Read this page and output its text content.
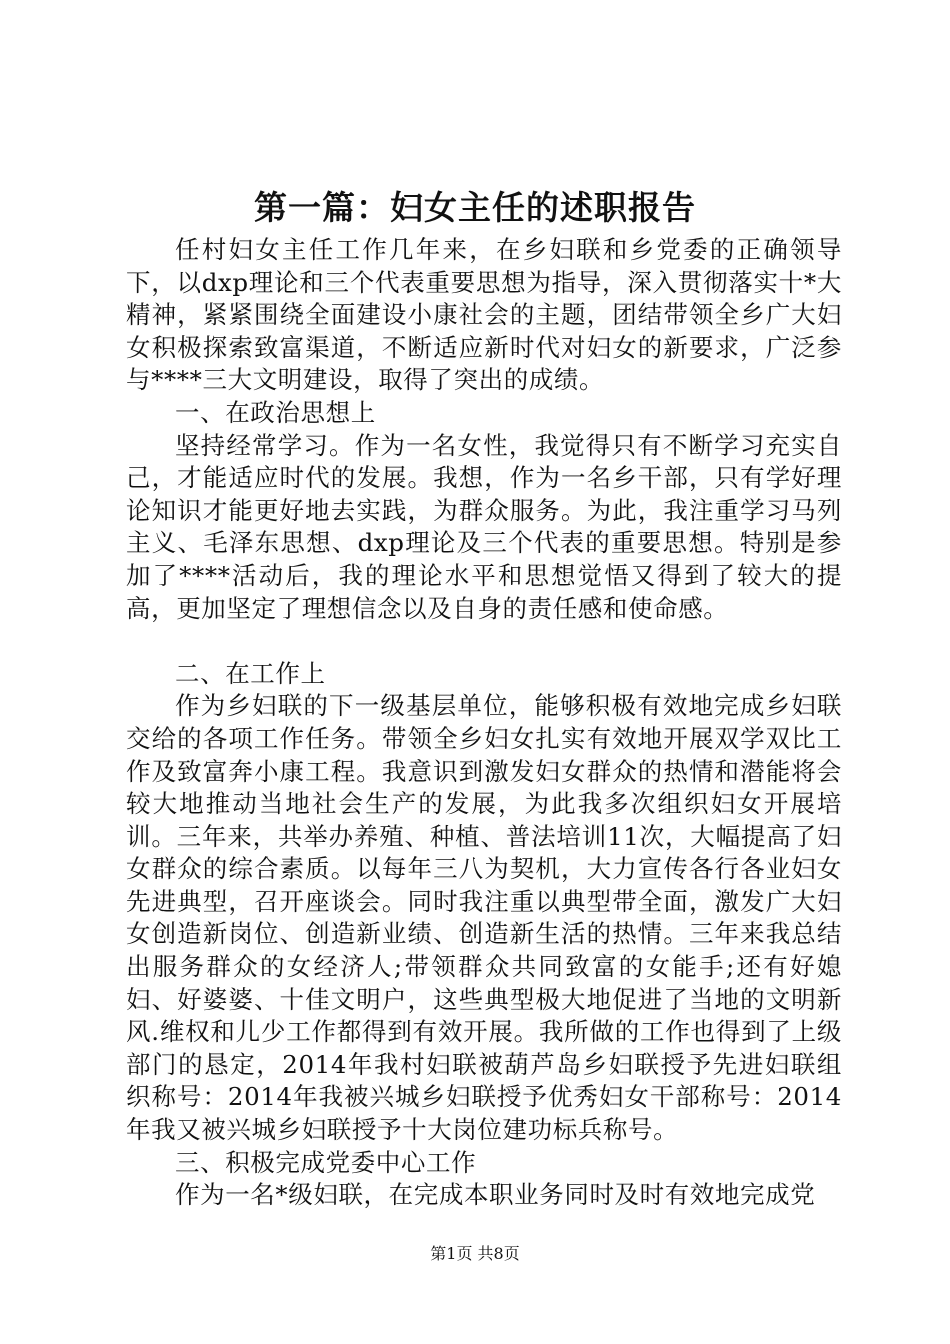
第一篇：妇女主任的述职报告

任村妇女主任工作几年来，在乡妇联和乡党委的正确领导下，以dxp理论和三个代表重要思想为指导，深入贯彻落实十*大精神，紧紧围绕全面建设小康社会的主题，团结带领全乡广大妇女积极探索致富渠道，不断适应新时代对妇女的新要求，广泛参与****三大文明建设，取得了突出的成绩。

一、在政治思想上

坚持经常学习。作为一名女性，我觉得只有不断学习充实自己，才能适应时代的发展。我想，作为一名乡干部，只有学好理论知识才能更好地去实践，为群众服务。为此，我注重学习马列主义、毛泽东思想、dxp理论及三个代表的重要思想。特别是参加了****活动后，我的理论水平和思想觉悟又得到了较大的提高，更加坚定了理想信念以及自身的责任感和使命感。

二、在工作上

作为乡妇联的下一级基层单位，能够积极有效地完成乡妇联交给的各项工作任务。带领全乡妇女扎实有效地开展双学双比工作及致富奔小康工程。我意识到激发妇女群众的热情和潜能将会较大地推动当地社会生产的发展，为此我多次组织妇女开展培训。三年来，共举办养殖、种植、普法培训11次，大幅提高了妇女群众的综合素质。以每年三八为契机，大力宣传各行各业妇女先进典型，召开座谈会。同时我注重以典型带全面，激发广大妇女创造新岗位、创造新业绩、创造新生活的热情。三年来我总结出服务群众的女经济人;带领群众共同致富的女能手;还有好媳妇、好婆婆、十佳文明户，这些典型极大地促进了当地的文明新风.维权和儿少工作都得到有效开展。我所做的工作也得到了上级部门的恳定，2014年我村妇联被葫芦岛乡妇联授予先进妇联组织称号：2014年我被兴城乡妇联授予优秀妇女干部称号：2014年我又被兴城乡妇联授予十大岗位建功标兵称号。

三、积极完成党委中心工作

作为一名*级妇联，在完成本职业务同时及时有效地完成党

第1页 共8页
